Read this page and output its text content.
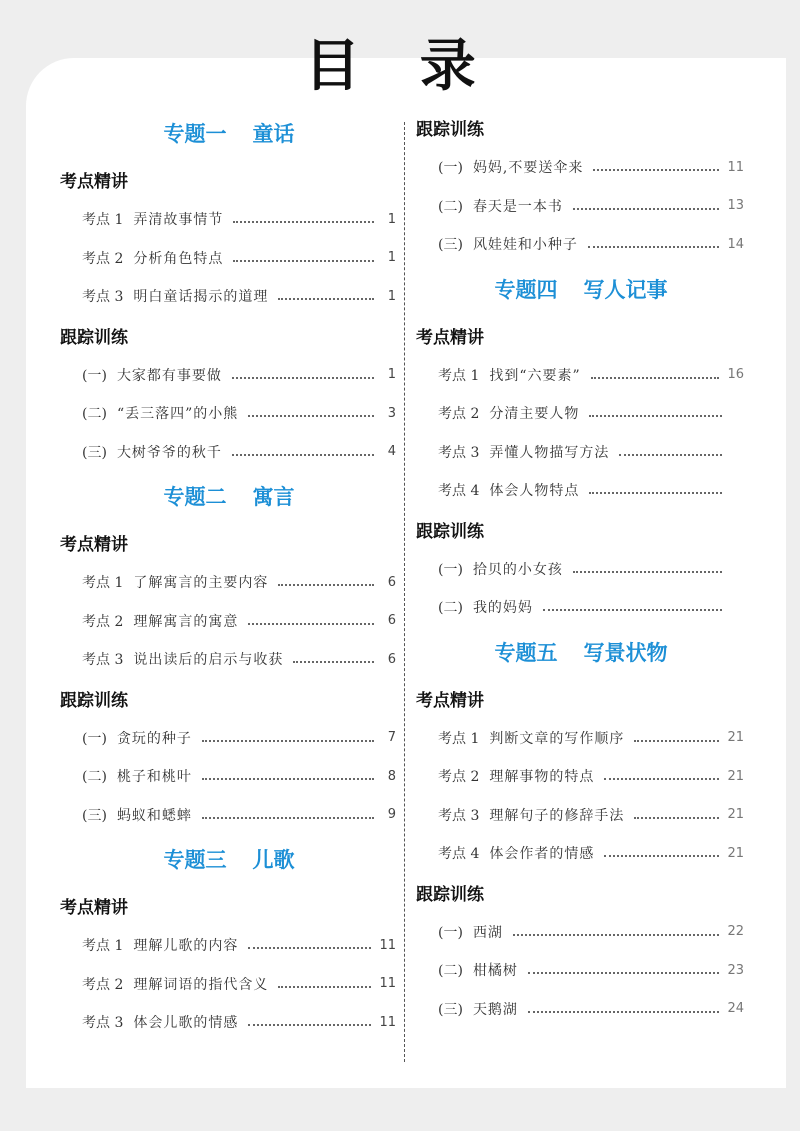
目 录
专题一 童话
考点精讲
考点 1 弄清故事情节	1
考点 2 分析角色特点	1
考点 3 明白童话揭示的道理	1
跟踪训练
(一) 大家都有事要做	1
(二) “丢三落四”的小熊	3
(三) 大树爷爷的秋千	4
专题二 寓言
考点精讲
考点 1 了解寓言的主要内容	6
考点 2 理解寓言的寓意	6
考点 3 说出读后的启示与收获	6
跟踪训练
(一) 贪玩的种子	7
(二) 桃子和桃叶	8
(三) 蚂蚁和蟋蟀	9
专题三 儿歌
考点精讲
考点 1 理解儿歌的内容	11
考点 2 理解词语的指代含义	11
考点 3 体会儿歌的情感	11
跟踪训练
(一) 妈妈,不要送伞来	11
(二) 春天是一本书	13
(三) 风娃娃和小种子	14
专题四 写人记事
考点精讲
考点 1 找到“六要素”	16
考点 2 分清主要人物
考点 3 弄懂人物描写方法
考点 4 体会人物特点
跟踪训练
(一) 拾贝的小女孩
(二) 我的妈妈
专题五 写景状物
考点精讲
考点 1 判断文章的写作顺序	21
考点 2 理解事物的特点	21
考点 3 理解句子的修辞手法	21
考点 4 体会作者的情感	21
跟踪训练
(一) 西湖	22
(二) 柑橘树	23
(三) 天鹅湖	24
